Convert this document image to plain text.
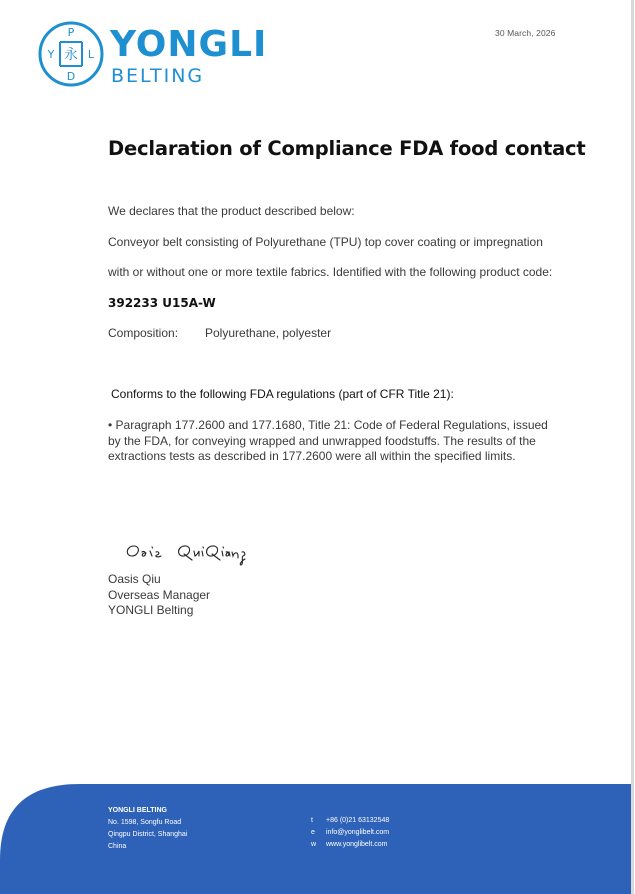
P
D
Y	L
永 YONGLI
BELTING
30 March, 2026
Declaration of Compliance FDA food contact
We declares that the product described below:
Conveyor belt consisting of Polyurethane (TPU) top cover coating or impregnation
with or without one or more textile fabrics. Identified with the following product code:
392233 U15A-W
Composition: Polyurethane, polyester
Conforms to the following FDA regulations (part of CFR Title 21):

• Paragraph 177.2600 and 177.1680, Title 21: Code of Federal Regulations, issued by the FDA, for conveying wrapped and unwrapped foodstuffs. The results of the extractions tests as described in 177.2600 were all within the specified limits.

Oasis Qiu
Overseas Manager
YONGLI Belting
YONGLI BELTING
No. 1598, Songfu Road
Qingpu District, Shanghai
China
t +86 (0)21 63132548
e info@yonglibelt.com
w www.yonglibelt.com
